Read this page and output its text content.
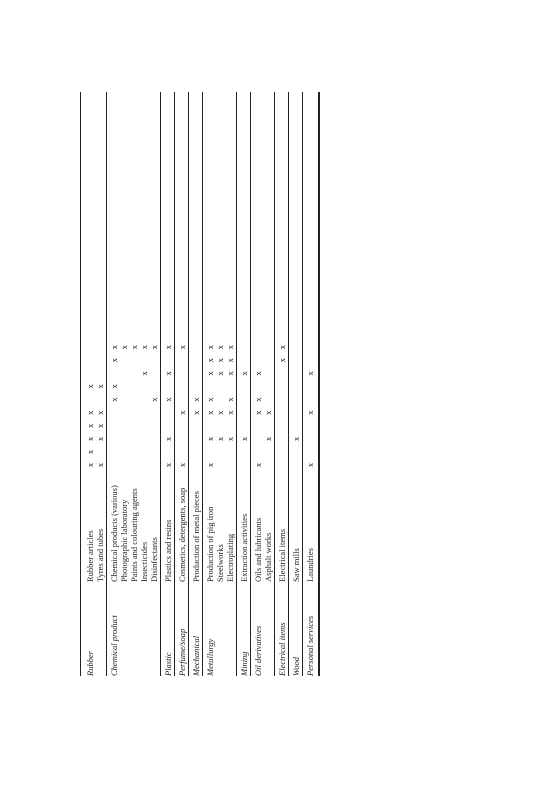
Rubber
Rubber articles
x
x
x
x
x
x
Tyres and tubes
x
x
x
x
x
Chemical product
Chemical products (various)
x
x
x
x
Photographic laboratory
x
Paints and colouring agents
x
Insecticides
x
x
Disinfectants
x
x
Plastic
Plastics and resins
x
x
x
x
x
Perfume/soap
Cosmetics, detergents, soap
x
x
x
Mechanical
Production of metal pieces
x
x
Metallurgy
Production of pig iron
x
x
x
x
x
x
x
Steelworks
x
x
x
x
x
Electroplating
x
x
x
x
x
x
Mining
Extraction activities
x
x
Oil derivatives
Oils and lubricants
x
x
x
x
Asphalt works
x
x
Electrical items
Electrical items
x
x
Wood
Saw mills
x
Personal services
Laundries
x
x
x
